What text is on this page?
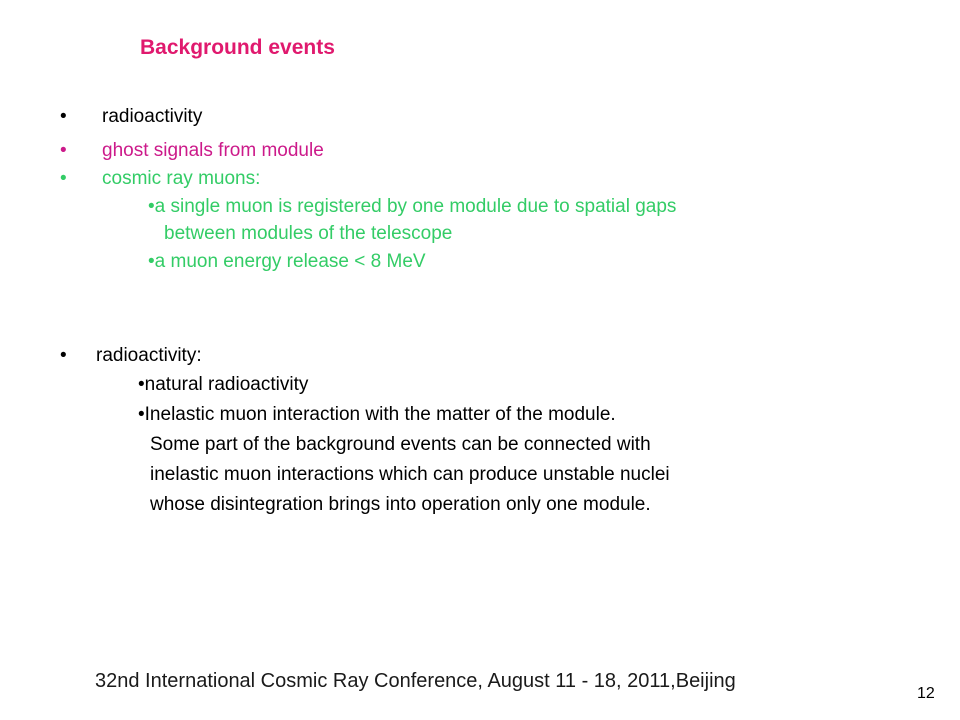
Background events
• radioactivity
• ghost signals from module
• cosmic ray muons:
•a single muon is registered by one module due to spatial gaps
between modules of the telescope
•a muon energy release < 8 MeV
• radioactivity:
•natural radioactivity
•Inelastic muon interaction with the matter of the module.
Some part of the background events can be connected with
inelastic muon interactions which can produce unstable nuclei
whose disintegration brings into operation only one module.
32nd International Cosmic Ray Conference, August 11 - 18, 2011,Beijing
12
